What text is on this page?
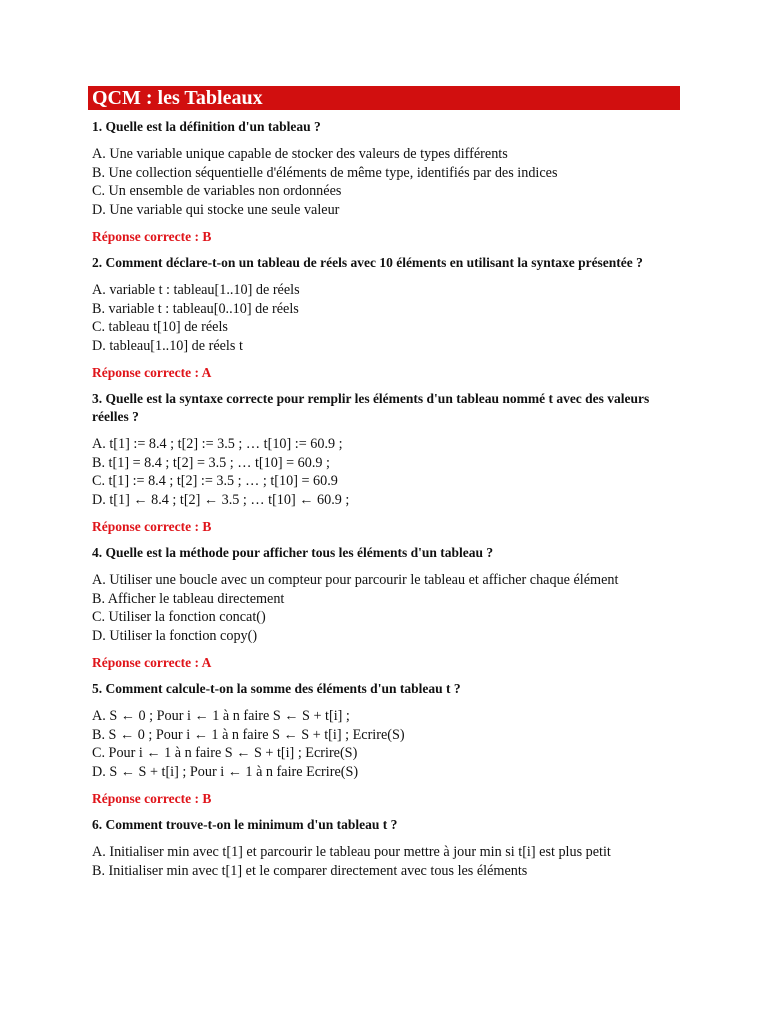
QCM : les Tableaux
1. Quelle est la définition d'un tableau ?
A. Une variable unique capable de stocker des valeurs de types différents
B. Une collection séquentielle d'éléments de même type, identifiés par des indices
C. Un ensemble de variables non ordonnées
D. Une variable qui stocke une seule valeur
Réponse correcte : B
2. Comment déclare-t-on un tableau de réels avec 10 éléments en utilisant la syntaxe présentée ?
A. variable t : tableau[1..10] de réels
B. variable t : tableau[0..10] de réels
C. tableau t[10] de réels
D. tableau[1..10] de réels t
Réponse correcte : A
3. Quelle est la syntaxe correcte pour remplir les éléments d'un tableau nommé t avec des valeurs réelles ?
A. t[1] := 8.4 ; t[2] := 3.5 ; … t[10] := 60.9 ;
B. t[1] = 8.4 ; t[2] = 3.5 ; … t[10] = 60.9 ;
C. t[1] := 8.4 ; t[2] := 3.5 ; … ; t[10] = 60.9
D. t[1] ← 8.4 ; t[2] ← 3.5 ; … t[10] ← 60.9 ;
Réponse correcte : B
4. Quelle est la méthode pour afficher tous les éléments d'un tableau ?
A. Utiliser une boucle avec un compteur pour parcourir le tableau et afficher chaque élément
B. Afficher le tableau directement
C. Utiliser la fonction concat()
D. Utiliser la fonction copy()
Réponse correcte : A
5. Comment calcule-t-on la somme des éléments d'un tableau t ?
A. S ← 0 ; Pour i ← 1 à n faire S ← S + t[i] ;
B. S ← 0 ; Pour i ← 1 à n faire S ← S + t[i] ; Ecrire(S)
C. Pour i ← 1 à n faire S ← S + t[i] ; Ecrire(S)
D. S ← S + t[i] ; Pour i ← 1 à n faire Ecrire(S)
Réponse correcte : B
6. Comment trouve-t-on le minimum d'un tableau t ?
A. Initialiser min avec t[1] et parcourir le tableau pour mettre à jour min si t[i] est plus petit
B. Initialiser min avec t[1] et le comparer directement avec tous les éléments
